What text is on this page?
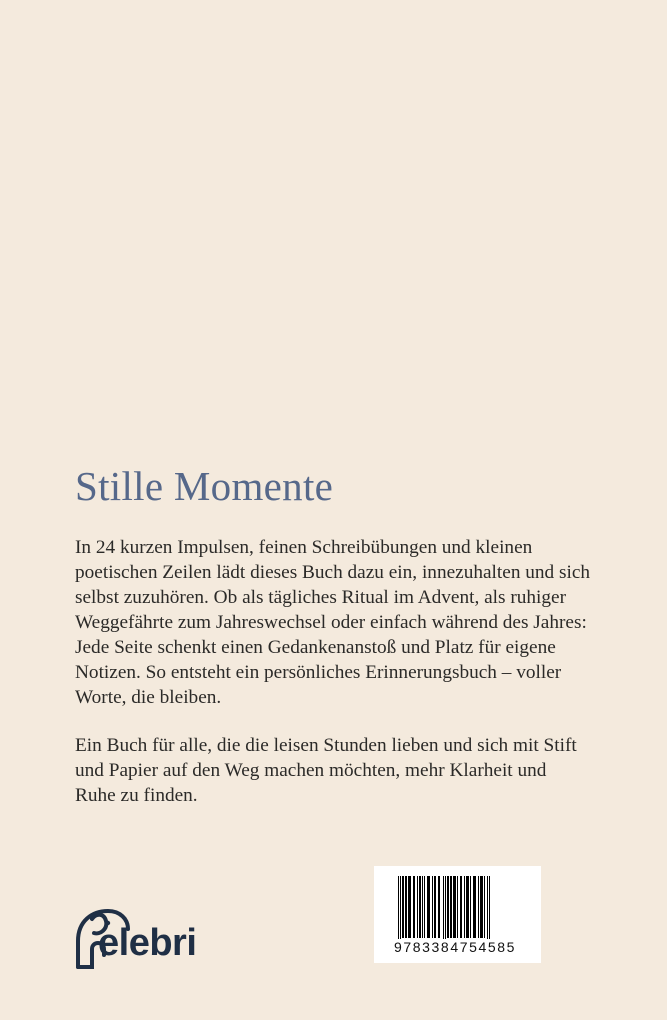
Stille Momente
In 24 kurzen Impulsen, feinen Schreibübungen und kleinen
poetischen Zeilen lädt dieses Buch dazu ein, innezuhalten und sich
selbst zuzuhören. Ob als tägliches Ritual im Advent, als ruhiger
Weggefährte zum Jahreswechsel oder einfach während des Jahres:
Jede Seite schenkt einen Gedankenanstoß und Platz für eigene
Notizen. So entsteht ein persönliches Erinnerungsbuch – voller
Worte, die bleiben.
Ein Buch für alle, die die leisen Stunden lieben und sich mit Stift
und Papier auf den Weg machen möchten, mehr Klarheit und
Ruhe zu finden.
elebri	9783384754585
